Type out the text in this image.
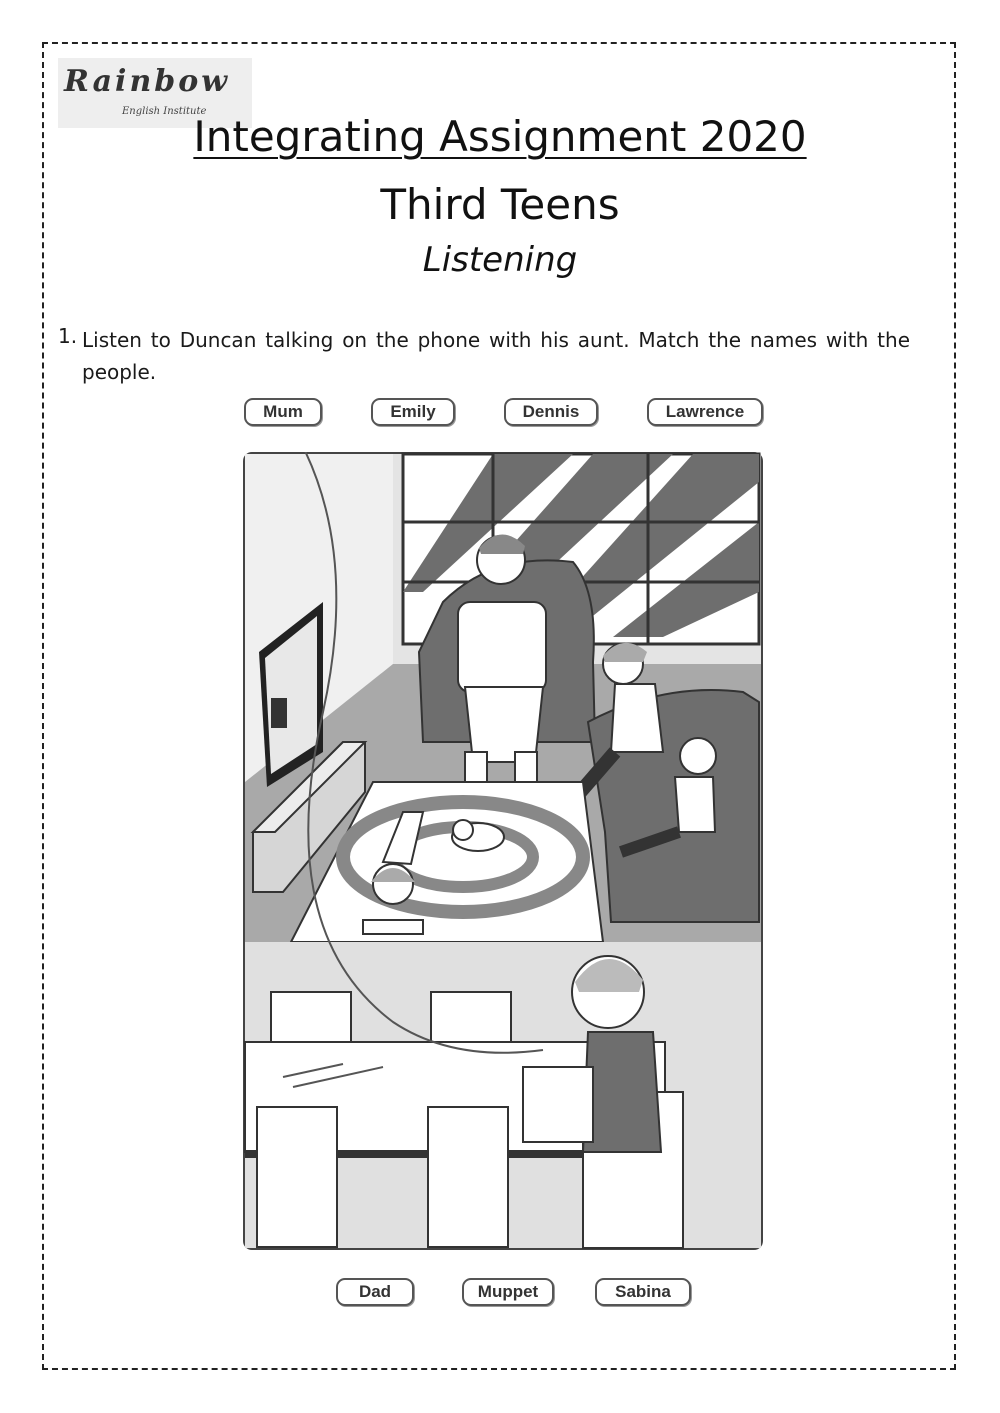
Rainbow
English Institute
Integrating Assignment 2020
Third Teens
Listening
1. Listen to Duncan talking on the phone with his aunt. Match the names with the people.
Mum	Emily	Dennis	Lawrence
Dad	Muppet	Sabina
